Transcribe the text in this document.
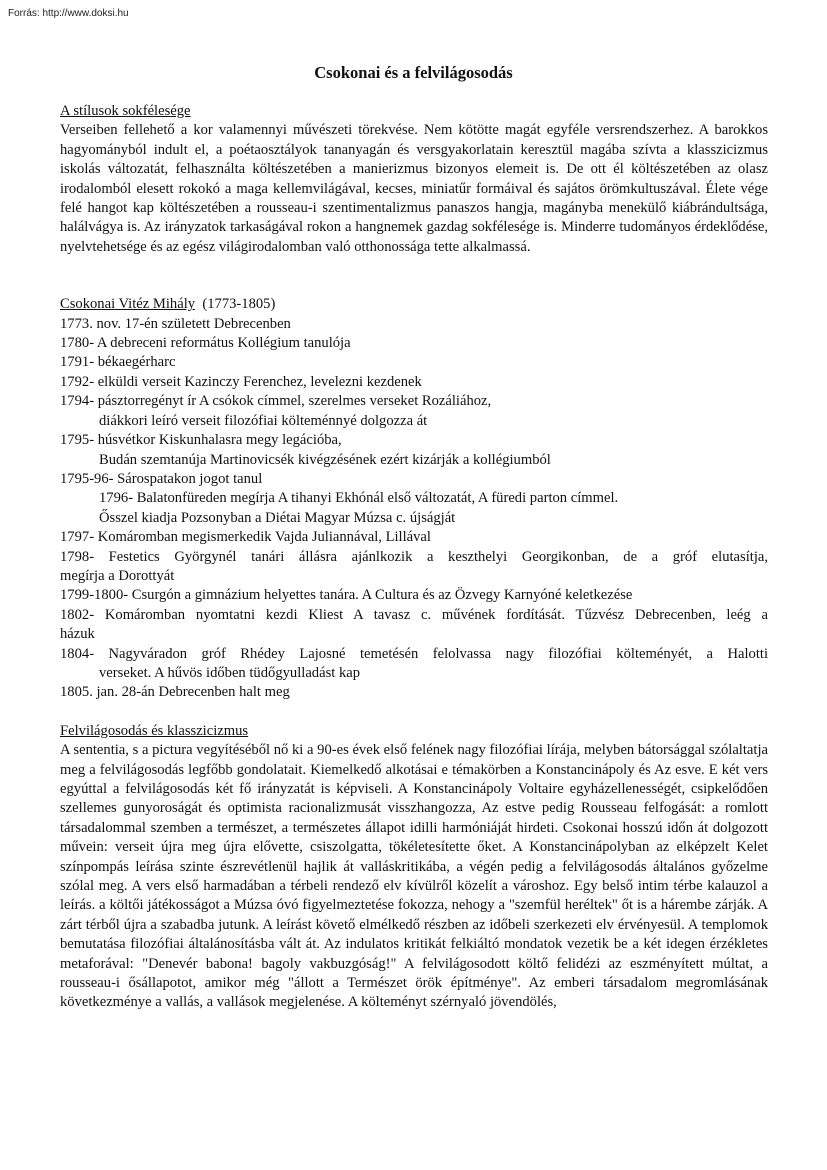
Forrás: http://www.doksi.hu
Csokonai és a felvilágosodás
A stílusok sokfélesége

Verseiben fellehető a kor valamennyi művészeti törekvése. Nem kötötte magát egyféle versrendszerhez. A barokkos hagyományból indult el, a poétaosztályok tananyagán és versgyakorlatain keresztül magába szívta a klasszicizmus iskolás változatát, felhasználta költészetében a manierizmus bizonyos elemeit is. De ott él költészetében az olasz irodalomból elesett rokokó a maga kellemvilágával, kecses, miniatűr formáival és sajátos örömkultuszával. Élete vége felé hangot kap költészetében a rousseau-i szentimentalizmus panaszos hangja, magányba menekülő kiábrándultsága, halálvágya is. Az irányzatok tarkaságával rokon a hangnemek gazdag sokfélesége is. Minderre tudományos érdeklődése, nyelvtehetsége és az egész világirodalomban való otthonossága tette alkalmassá.

Csokonai Vitéz Mihály (1773-1805)
1773. nov. 17-én született Debrecenben
1780- A debreceni református Kollégium tanulója
1791- békaegérharc
1792- elküldi verseit Kazinczy Ferenchez, levelezni kezdenek
1794- pásztorregényt ír A csókok címmel, szerelmes verseket Rozáliához,
diákkori leíró verseit filozófiai költeménnyé dolgozza át
1795- húsvétkor Kiskunhalasra megy legációba,
Budán szemtanúja Martinovicsék kivégzésének ezért kizárják a kollégiumból
1795-96- Sárospatakon jogot tanul
1796- Balatonfüreden megírja A tihanyi Ekhónál első változatát, A füredi parton címmel.
Ősszel kiadja Pozsonyban a Diétai Magyar Múzsa c. újságját
1797- Komáromban megismerkedik Vajda Juliannával, Lillával
1798- Festetics Györgynél tanári állásra ajánlkozik a keszthelyi Georgikonban, de a gróf elutasítja,
megírja a Dorottyát
1799-1800- Csurgón a gimnázium helyettes tanára. A Cultura és az Özvegy Karnyóné keletkezése
1802- Komáromban nyomtatni kezdi Kliest A tavasz c. művének fordítását. Tűzvész Debrecenben, leég a
házuk
1804- Nagyváradon gróf Rhédey Lajosné temetésén felolvassa nagy filozófiai költeményét, a Halotti
verseket. A hűvös időben tüdőgyulladást kap
1805. jan. 28-án Debrecenben halt meg
Felvilágosodás és klasszicizmus

A sententia, s a pictura vegyítéséből nő ki a 90-es évek első felének nagy filozófiai lírája, melyben bátorsággal szólaltatja meg a felvilágosodás legfőbb gondolatait. Kiemelkedő alkotásai e témakörben a Konstancinápoly és Az esve. E két vers egyúttal a felvilágosodás két fő irányzatát is képviseli. A Konstancinápoly Voltaire egyházellenességét, csipkelődően szellemes gunyoroságát és optimista racionalizmusát visszhangozza, Az estve pedig Rousseau felfogását: a romlott társadalommal szemben a természet, a természetes állapot idilli harmóniáját hirdeti. Csokonai hosszú időn át dolgozott művein: verseit újra meg újra elővette, csiszolgatta, tökéletesítette őket. A Konstancinápolyban az elképzelt Kelet színpompás leírása szinte észrevétlenül hajlik át valláskritikába, a végén pedig a felvilágosodás általános győzelme szólal meg. A vers első harmadában a térbeli rendező elv kívülről közelít a városhoz. Egy belső intim térbe kalauzol a leírás. a költői játékosságot a Múzsa óvó figyelmeztetése fokozza, nehogy a "szemfül heréltek" őt is a hárembe zárják. A zárt térből újra a szabadba jutunk. A leírást követő elmélkedő részben az időbeli szerkezeti elv érvényesül. A templomok bemutatása filozófiai általánosításba vált át. Az indulatos kritikát felkiáltó mondatok vezetik be a két idegen érzékletes metaforával: "Denevér babona! bagoly vakbuzgóság!" A felvilágosodott költő felidézi az eszményített múltat, a rousseau-i ősállapotot, amikor még "állott a Természet örök építménye". Az emberi társadalom megromlásának következménye a vallás, a vallások megjelenése. A költeményt szérnyaló jövendölés,
